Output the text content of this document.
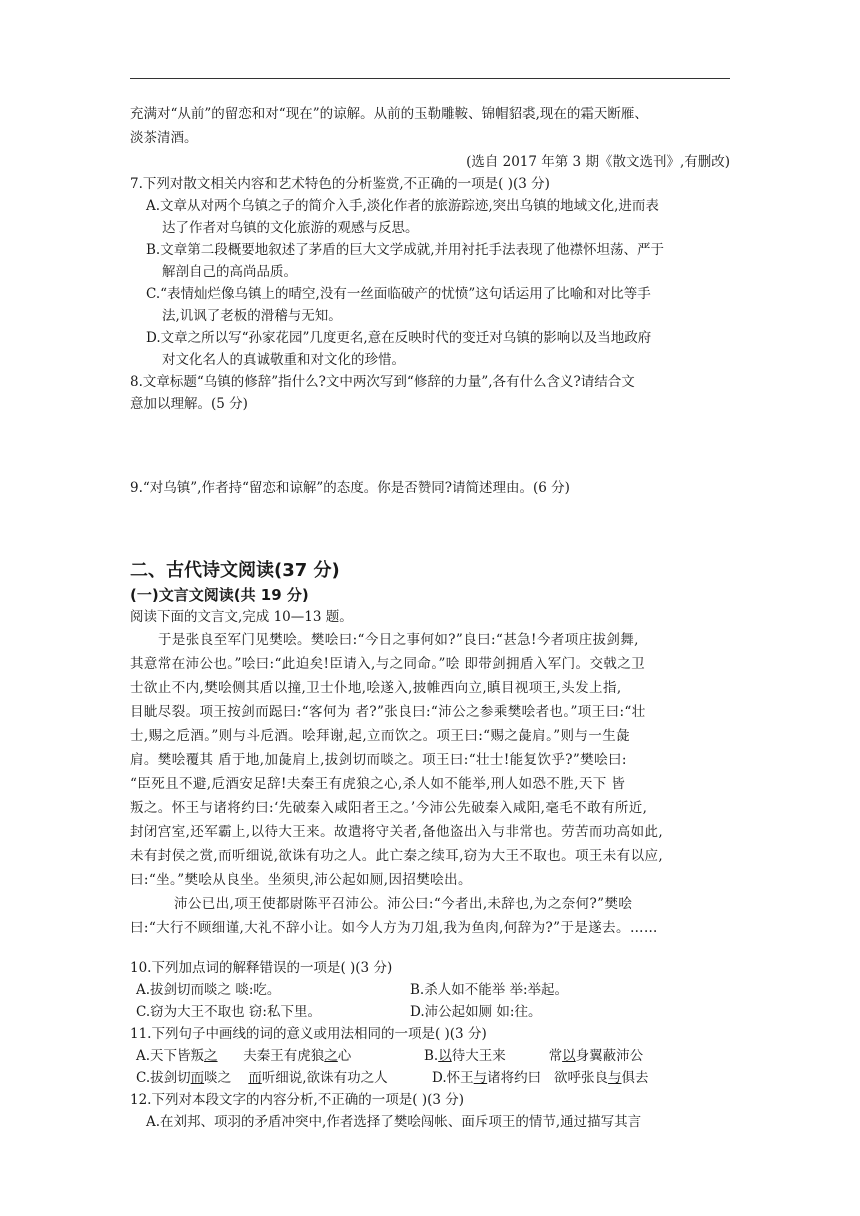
充满对“从前”的留恋和对“现在”的谅解。从前的玉勒雕鞍、锦帽貂裘,现在的霜天断雁、
淡茶清酒。
(选自 2017 年第 3 期《散文选刊》,有删改)
7.下列对散文相关内容和艺术特色的分析鉴赏,不正确的一项是( )(3 分)
A.文章从对两个乌镇之子的简介入手,淡化作者的旅游踪迹,突出乌镇的地域文化,进而表
达了作者对乌镇的文化旅游的观感与反思。
B.文章第二段概要地叙述了茅盾的巨大文学成就,并用衬托手法表现了他襟怀坦荡、严于
解剖自己的高尚品质。
C.“表情灿烂像乌镇上的晴空,没有一丝面临破产的忧愤”这句话运用了比喻和对比等手
法,讥讽了老板的滑稽与无知。
D.文章之所以写“孙家花园”几度更名,意在反映时代的变迁对乌镇的影响以及当地政府
对文化名人的真诚敬重和对文化的珍惜。
8.文章标题“乌镇的修辞”指什么?文中两次写到“修辞的力量”,各有什么含义?请结合文
意加以理解。(5 分)
9.“对乌镇”,作者持“留恋和谅解”的态度。你是否赞同?请简述理由。(6 分)
二、古代诗文阅读(37 分)
(一)文言文阅读(共 19 分)
阅读下面的文言文,完成 10—13 题。
于是张良至军门见樊哙。樊哙曰:“今日之事何如?”良曰:“甚急!今者项庄拔剑舞,
其意常在沛公也。”哙曰:“此迫矣!臣请入,与之同命。”哙 即带剑拥盾入军门。交戟之卫
士欲止不内,樊哙侧其盾以撞,卫士仆地,哙遂入,披帷西向立,瞋目视项王,头发上指,
目眦尽裂。项王按剑而跽曰:“客何为 者?”张良曰:“沛公之参乘樊哙者也。”项王曰:“壮
士,赐之卮酒。”则与斗卮酒。哙拜谢,起,立而饮之。项王曰:“赐之彘肩。”则与一生彘
肩。樊哙覆其 盾于地,加彘肩上,拔剑切而啖之。项王曰:“壮士!能复饮乎?”樊哙曰:
“臣死且不避,卮酒安足辞!夫秦王有虎狼之心,杀人如不能举,刑人如恐不胜,天下 皆
叛之。怀王与诸将约曰:‘先破秦入咸阳者王之。’今沛公先破秦入咸阳,毫毛不敢有所近,
封闭宫室,还军霸上,以待大王来。故遣将守关者,备他盗出入与非常也。劳苦而功高如此,
未有封侯之赏,而听细说,欲诛有功之人。此亡秦之续耳,窃为大王不取也。项王未有以应,
曰:“坐。”樊哙从良坐。坐须臾,沛公起如厕,因招樊哙出。
沛公已出,项王使都尉陈平召沛公。沛公曰:“今者出,未辞也,为之奈何?”樊哙
曰:“大行不顾细谨,大礼不辞小让。如今人方为刀俎,我为鱼肉,何辞为?”于是遂去。……
10.下列加点词的解释错误的一项是( )(3 分)
A.拔剑切而啖之 啖:吃。	B.杀人如不能举 举:举起。
C.窃为大王不取也 窃:私下里。	D.沛公起如厕 如:往。
11.下列句子中画线的词的意义或用法相同的一项是( )(3 分)
A.天下皆叛之      夫秦王有虎狼之心	B.以待大王来          常以身翼蔽沛公
C.拔剑切而啖之    而听细说,欲诛有功之人	D.怀王与诸将约曰   欲呼张良与俱去
12.下列对本段文字的内容分析,不正确的一项是( )(3 分)
A.在刘邦、项羽的矛盾冲突中,作者选择了樊哙闯帐、面斥项王的情节,通过描写其言
